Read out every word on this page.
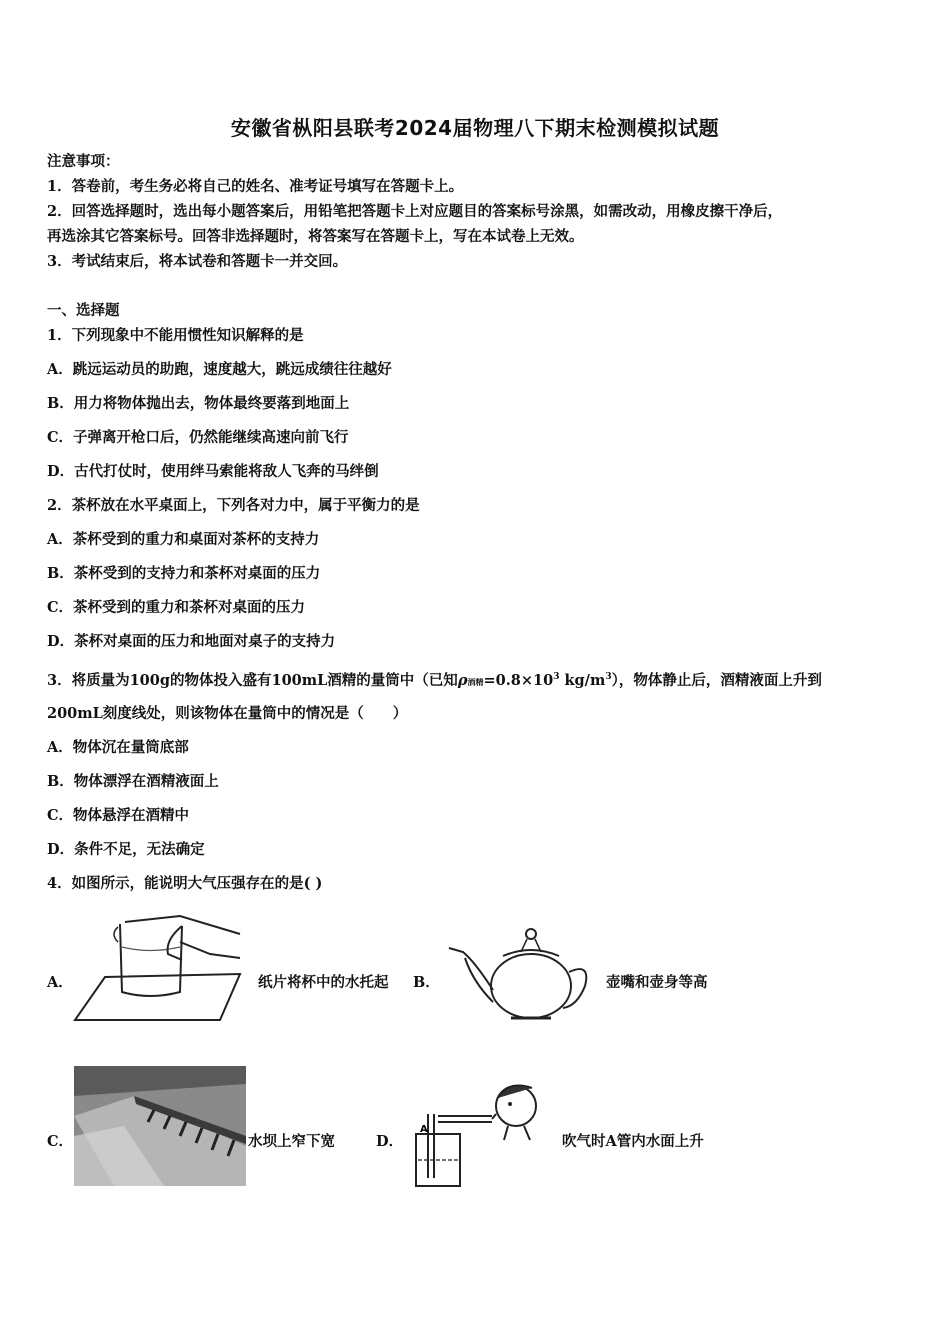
安徽省枞阳县联考2024届物理八下期末检测模拟试题
注意事项：
1．答卷前，考生务必将自己的姓名、准考证号填写在答题卡上。
2．回答选择题时，选出每小题答案后，用铅笔把答题卡上对应题目的答案标号涂黑，如需改动，用橡皮擦干净后，
再选涂其它答案标号。回答非选择题时，将答案写在答题卡上，写在本试卷上无效。
3．考试结束后，将本试卷和答题卡一并交回。
一、选择题
1．下列现象中不能用惯性知识解释的是
A．跳远运动员的助跑，速度越大，跳远成绩往往越好
B．用力将物体抛出去，物体最终要落到地面上
C．子弹离开枪口后，仍然能继续高速向前飞行
D．古代打仗时，使用绊马索能将敌人飞奔的马绊倒
2．茶杯放在水平桌面上，下列各对力中，属于平衡力的是
A．茶杯受到的重力和桌面对茶杯的支持力
B．茶杯受到的支持力和茶杯对桌面的压力
C．茶杯受到的重力和茶杯对桌面的压力
D．茶杯对桌面的压力和地面对桌子的支持力
3．将质量为100g的物体投入盛有100mL酒精的量筒中（已知ρ酒精$=0.8\times 10^3$ $kg/m^3$），物体静止后，酒精液面上升到
200mL刻度线处，则该物体在量筒中的情况是（　　）
A．物体沉在量筒底部
B．物体漂浮在酒精液面上
C．物体悬浮在酒精中
D．条件不足，无法确定
4．如图所示，能说明大气压强存在的是( )
A．	纸片将杯中的水托起 B．	壶嘴和壶身等高
C．	水坝上窄下宽	D．
A
吹气时A管内水面上升
